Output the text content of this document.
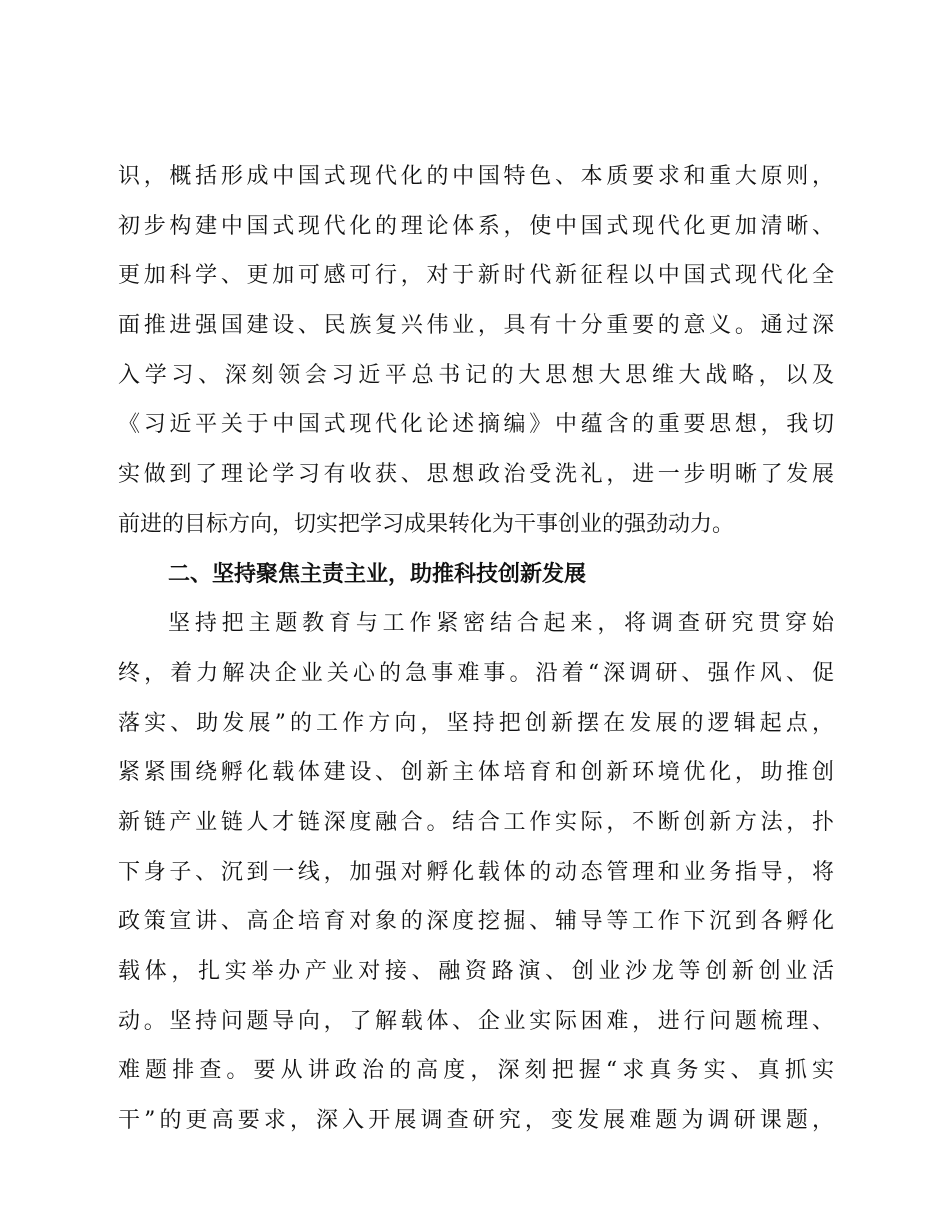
识，概括形成中国式现代化的中国特色、本质要求和重大原则，
初步构建中国式现代化的理论体系，使中国式现代化更加清晰、
更加科学、更加可感可行，对于新时代新征程以中国式现代化全
面推进强国建设、民族复兴伟业，具有十分重要的意义。通过深
入学习、深刻领会习近平总书记的大思想大思维大战略，以及
《习近平关于中国式现代化论述摘编》中蕴含的重要思想，我切
实做到了理论学习有收获、思想政治受洗礼，进一步明晰了发展
前进的目标方向，切实把学习成果转化为干事创业的强劲动力。
二、坚持聚焦主责主业，助推科技创新发展
坚持把主题教育与工作紧密结合起来，将调查研究贯穿始
终，着力解决企业关心的急事难事。沿着“深调研、强作风、促
落实、助发展”的工作方向，坚持把创新摆在发展的逻辑起点，
紧紧围绕孵化载体建设、创新主体培育和创新环境优化，助推创
新链产业链人才链深度融合。结合工作实际，不断创新方法，扑
下身子、沉到一线，加强对孵化载体的动态管理和业务指导，将
政策宣讲、高企培育对象的深度挖掘、辅导等工作下沉到各孵化
载体，扎实举办产业对接、融资路演、创业沙龙等创新创业活
动。坚持问题导向，了解载体、企业实际困难，进行问题梳理、
难题排查。要从讲政治的高度，深刻把握“求真务实、真抓实
干”的更高要求，深入开展调查研究，变发展难题为调研课题，
